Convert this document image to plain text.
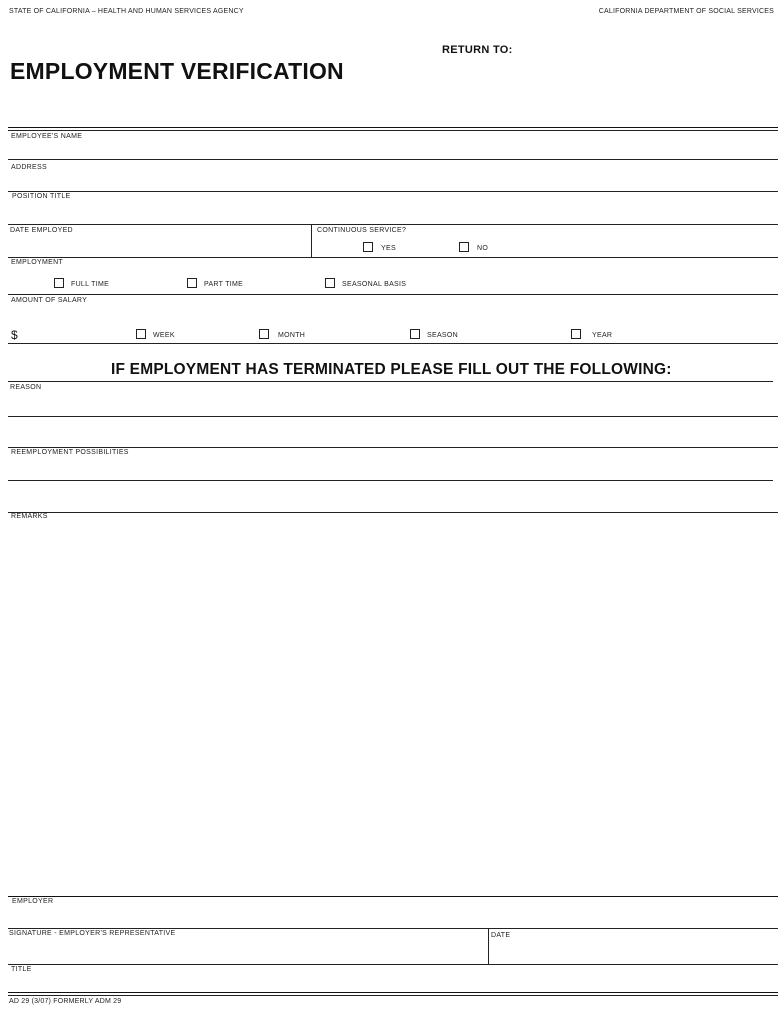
STATE OF CALIFORNIA – HEALTH AND HUMAN SERVICES AGENCY	CALIFORNIA DEPARTMENT OF SOCIAL SERVICES
RETURN TO:
EMPLOYMENT VERIFICATION
EMPLOYEE'S NAME
ADDRESS
POSITION TITLE
DATE EMPLOYED	CONTINUOUS SERVICE?
YES	NO
EMPLOYMENT
FULL TIME	PART TIME	SEASONAL BASIS
AMOUNT OF SALARY
$	WEEK	MONTH	SEASON	YEAR
IF EMPLOYMENT HAS TERMINATED PLEASE FILL OUT THE FOLLOWING:
REASON
REEMPLOYMENT POSSIBILITIES
REMARKS
EMPLOYER
SIGNATURE - EMPLOYER'S REPRESENTATIVE	DATE
TITLE
AD 29 (3/07) FORMERLY ADM 29
